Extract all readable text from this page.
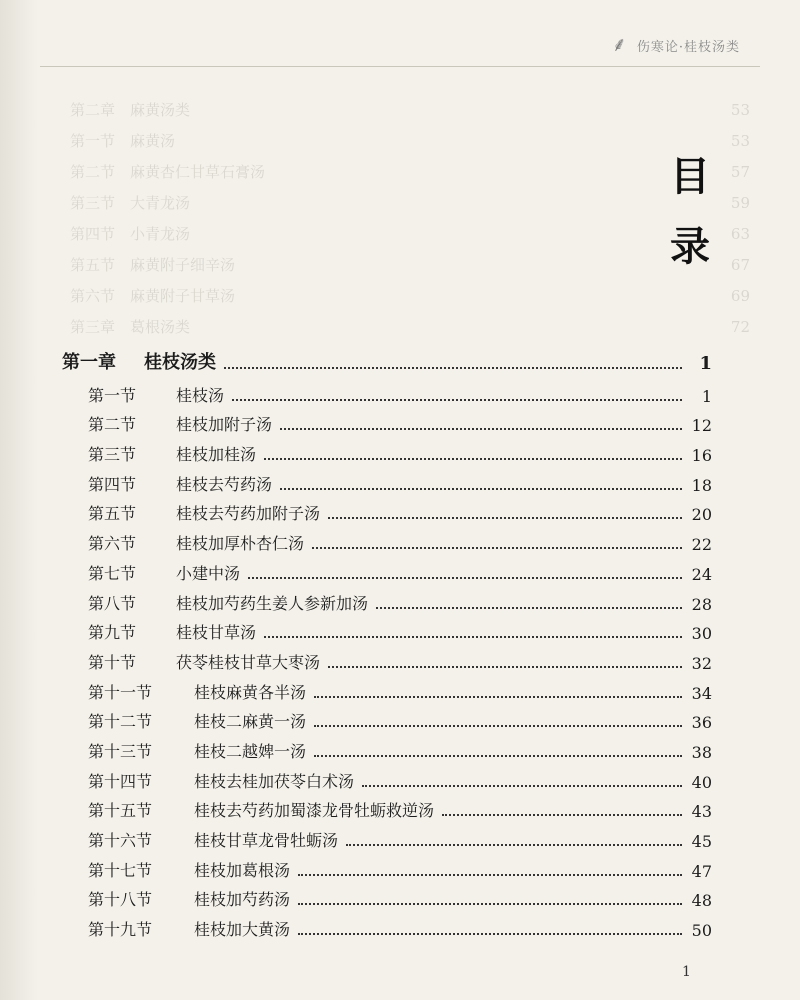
⸙ 伤寒论·桂枝汤类
第二章　麻黄汤类	53
第一节　麻黄汤	53
第二节　麻黄杏仁甘草石膏汤	57
第三节　大青龙汤	59
第四节　小青龙汤	63
第五节　麻黄附子细辛汤	67
第六节　麻黄附子甘草汤	69
第三章　葛根汤类	72
目
录
第一章 桂枝汤类	1
第一节	桂枝汤	1
第二节	桂枝加附子汤	12
第三节	桂枝加桂汤	16
第四节	桂枝去芍药汤	18
第五节	桂枝去芍药加附子汤	20
第六节	桂枝加厚朴杏仁汤	22
第七节	小建中汤	24
第八节	桂枝加芍药生姜人参新加汤	28
第九节	桂枝甘草汤	30
第十节	茯苓桂枝甘草大枣汤	32
第十一节	桂枝麻黄各半汤	34
第十二节	桂枝二麻黄一汤	36
第十三节	桂枝二越婢一汤	38
第十四节	桂枝去桂加茯苓白术汤	40
第十五节	桂枝去芍药加蜀漆龙骨牡蛎救逆汤	43
第十六节	桂枝甘草龙骨牡蛎汤	45
第十七节	桂枝加葛根汤	47
第十八节	桂枝加芍药汤	48
第十九节	桂枝加大黄汤	50
1
